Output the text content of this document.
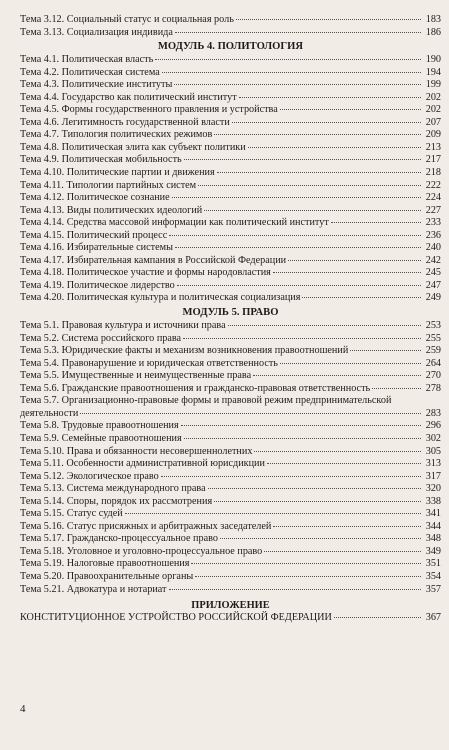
Тема 3.12. Социальный статус и социальная роль	183
Тема 3.13. Социализация индивида	186
МОДУЛЬ 4. ПОЛИТОЛОГИЯ
Тема 4.1. Политическая власть	190
Тема 4.2. Политическая система	194
Тема 4.3. Политические институты	199
Тема 4.4. Государство как политический институт	202
Тема 4.5. Формы государственного правления и устройства	202
Тема 4.6. Легитимность государственной власти	207
Тема 4.7. Типология политических режимов	209
Тема 4.8. Политическая элита как субъект политики	213
Тема 4.9. Политическая мобильность	217
Тема 4.10. Политические партии и движения	218
Тема 4.11. Типологии партийных систем	222
Тема 4.12. Политическое сознание	224
Тема 4.13. Виды политических идеологий	227
Тема 4.14. Средства массовой информации как политический институт	233
Тема 4.15. Политический процесс	236
Тема 4.16. Избирательные системы	240
Тема 4.17. Избирательная кампания в Российской Федерации	242
Тема 4.18. Политическое участие и формы народовластия	245
Тема 4.19. Политическое лидерство	247
Тема 4.20. Политическая культура и политическая социализация	249
МОДУЛЬ 5. ПРАВО
Тема 5.1. Правовая культура и источники права	253
Тема 5.2. Система российского права	255
Тема 5.3. Юридические факты и механизм возникновения правоотношений	259
Тема 5.4. Правонарушение и юридическая ответственность	264
Тема 5.5. Имущественные и неимущественные права	270
Тема 5.6. Гражданские правоотношения и гражданско-правовая ответственность	278
Тема 5.7. Организационно-правовые формы и правовой режим предпринимательской
деятельности	283
Тема 5.8. Трудовые правоотношения	296
Тема 5.9. Семейные правоотношения	302
Тема 5.10. Права и обязанности несовершеннолетних	305
Тема 5.11. Особенности административной юрисдикции	313
Тема 5.12. Экологическое право	317
Тема 5.13. Система международного права	320
Тема 5.14. Споры, порядок их рассмотрения	338
Тема 5.15. Статус судей	341
Тема 5.16. Статус присяжных и арбитражных заседателей	344
Тема 5.17. Гражданско-процессуальное право	348
Тема 5.18. Уголовное и уголовно-процессуальное право	349
Тема 5.19. Налоговые правоотношения	351
Тема 5.20. Правоохранительные органы	354
Тема 5.21. Адвокатура и нотариат	357
ПРИЛОЖЕНИЕ
КОНСТИТУЦИОННОЕ УСТРОЙСТВО РОССИЙСКОЙ ФЕДЕРАЦИИ	367
4
